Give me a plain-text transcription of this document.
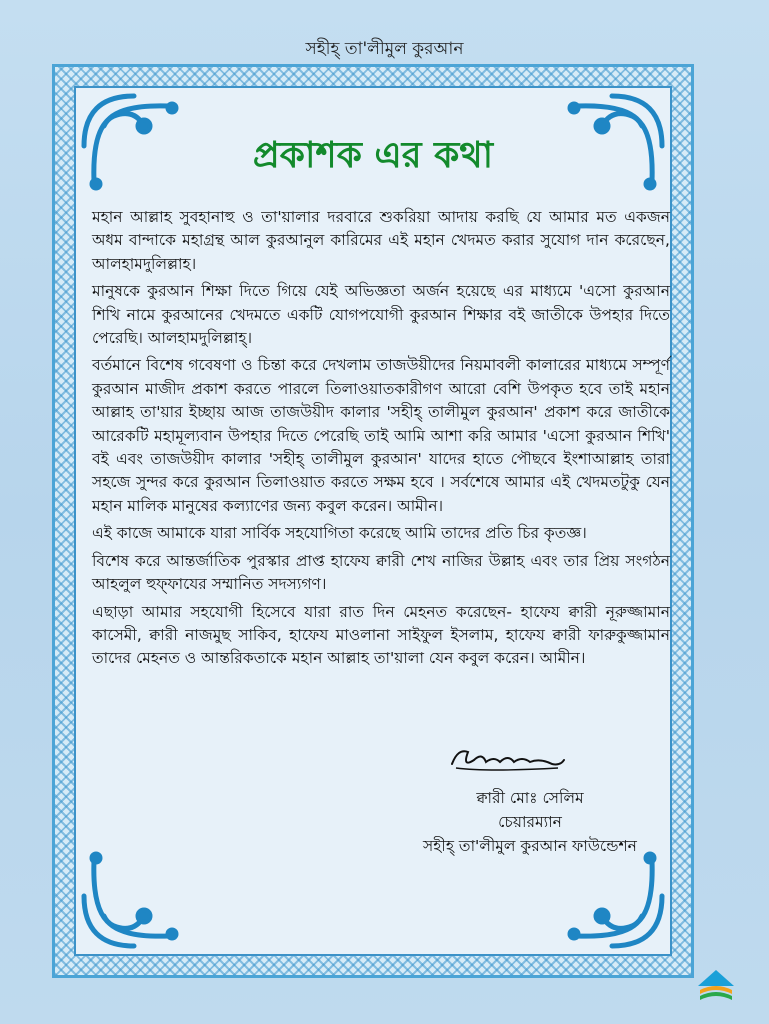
সহীহ্ তা'লীমুল কুরআন
প্রকাশক এর কথা

মহান আল্লাহ সুবহানাহু ও তা'য়ালার দরবারে শুকরিয়া আদায় করছি যে আমার মত একজন অধম বান্দাকে মহাগ্রন্থ আল কুরআনুল কারিমের এই মহান খেদমত করার সুযোগ দান করেছেন, আলহামদুলিল্লাহ।

মানুষকে কুরআন শিক্ষা দিতে গিয়ে যেই অভিজ্ঞতা অর্জন হয়েছে এর মাধ্যমে 'এসো কুরআন শিখি নামে কুরআনের খেদমতে একটি যোগপযোগী কুরআন শিক্ষার বই জাতীকে উপহার দিতে পেরেছি। আলহামদুলিল্লাহ্।

বর্তমানে বিশেষ গবেষণা ও চিন্তা করে দেখলাম তাজউয়ীদের নিয়মাবলী কালারের মাধ্যমে সম্পূর্ণ কুরআন মাজীদ প্রকাশ করতে পারলে তিলাওয়াতকারীগণ আরো বেশি উপকৃত হবে তাই মহান আল্লাহ তা'য়ার ইচ্ছায় আজ তাজউয়ীদ কালার 'সহীহ্ তালীমুল কুরআন' প্রকাশ করে জাতীকে আরেকটি মহামূল্যবান উপহার দিতে পেরেছি তাই আমি আশা করি আমার 'এসো কুরআন শিখি' বই এবং তাজউয়ীদ কালার 'সহীহ্ তালীমুল কুরআন' যাদের হাতে পৌছবে ইংশাআল্লাহ তারা সহজে সুন্দর করে কুরআন তিলাওয়াত করতে সক্ষম হবে । সর্বশেষে আমার এই খেদমতটুকু যেন মহান মালিক মানুষের কল্যাণের জন্য কবুল করেন। আমীন।

এই কাজে আমাকে যারা সার্বিক সহযোগিতা করেছে আমি তাদের প্রতি চির কৃতজ্ঞ।

বিশেষ করে আন্তর্জাতিক পুরস্কার প্রাপ্ত হাফেয ক্বারী শেখ নাজির উল্লাহ এবং তার প্রিয় সংগঠন আহলুল হুফ্ফাযের সম্মানিত সদস্যগণ।

এছাড়া আমার সহযোগী হিসেবে যারা রাত দিন মেহনত করেছেন- হাফেয ক্বারী নূরুজ্জামান কাসেমী, ক্বারী নাজমুছ সাকিব, হাফেয মাওলানা সাইফুল ইসলাম, হাফেয ক্বারী ফারুকুজ্জামান তাদের মেহনত ও আন্তরিকতাকে মহান আল্লাহ তা'য়ালা যেন কবুল করেন। আমীন।

ক্বারী মোঃ সেলিম
চেয়ারম্যান
সহীহ্ তা'লীমুল কুরআন ফাউন্ডেশন
